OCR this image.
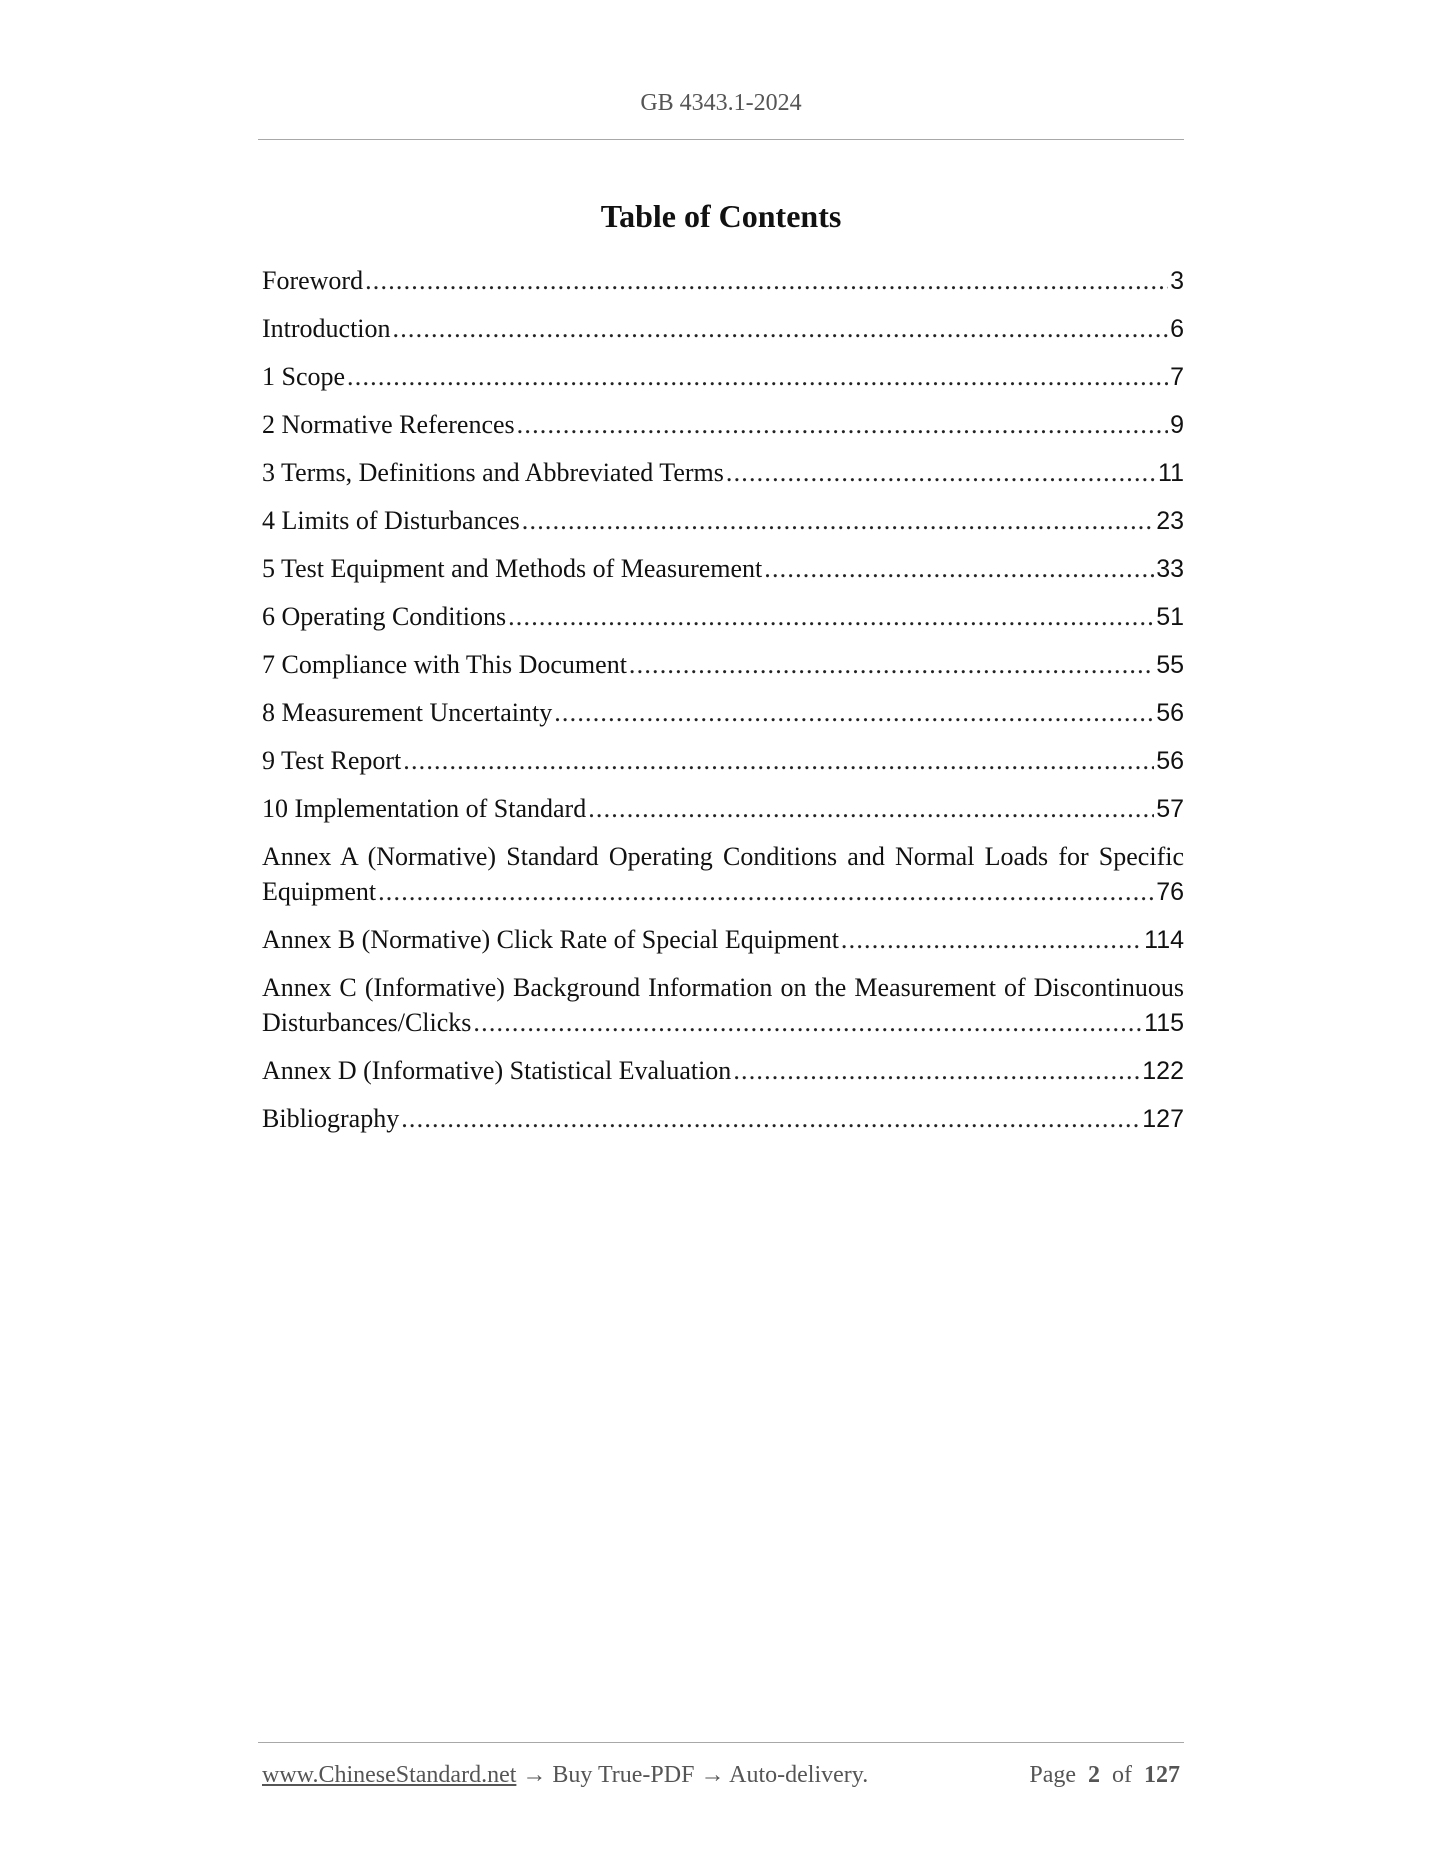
GB 4343.1-2024
Table of Contents
Foreword .....	3
Introduction .....	6
1 Scope .....	7
2 Normative References .....	9
3 Terms, Definitions and Abbreviated Terms .....	11
4 Limits of Disturbances .....	23
5 Test Equipment and Methods of Measurement .....	33
6 Operating Conditions .....	51
7 Compliance with This Document .....	55
8 Measurement Uncertainty .....	56
9 Test Report .....	56
10 Implementation of Standard .....	57
Annex A (Normative) Standard Operating Conditions and Normal Loads for Specific
Equipment .....	76
Annex B (Normative) Click Rate of Special Equipment .....	114
Annex C (Informative) Background Information on the Measurement of Discontinuous
Disturbances/Clicks .....	115
Annex D (Informative) Statistical Evaluation .....	122
Bibliography .....	127
www.ChineseStandard.net → Buy True-PDF → Auto-delivery.	Page 2 of 127
